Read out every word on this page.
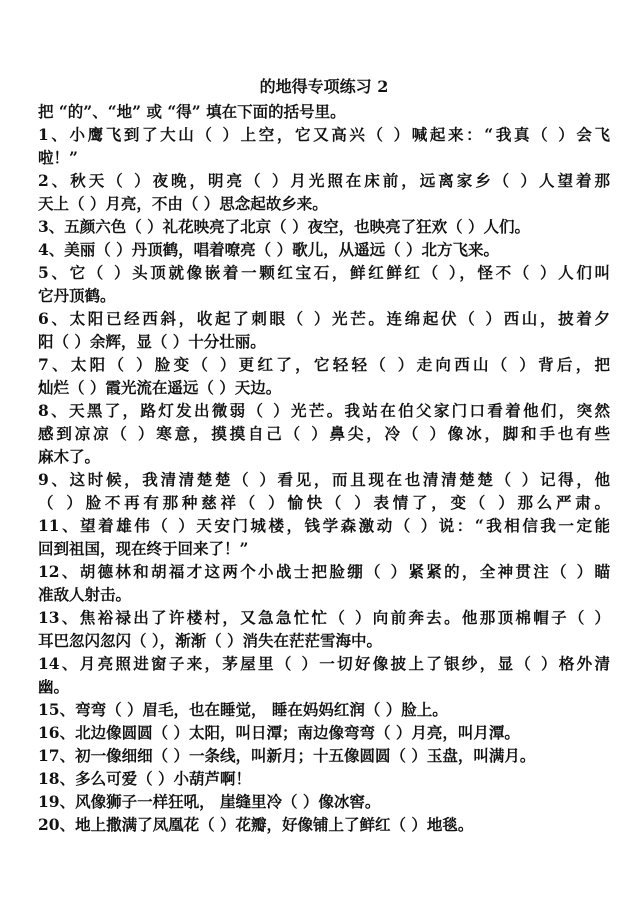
的地得专项练习 2
把 “的”、“地” 或 “得” 填在下面的括号里。
1、小鹰飞到了大山（ ）上空，它又高兴（ ）喊起来：“我真（ ）会飞
啦！”
2、秋天（ ）夜晚，明亮（ ）月光照在床前，远离家乡（ ）人望着那
天上（ ）月亮，不由（ ）思念起故乡来。
3、五颜六色（ ）礼花映亮了北京（ ）夜空，也映亮了狂欢（ ）人们。
4、美丽（ ）丹顶鹤，唱着嘹亮（ ）歌儿，从遥远（ ）北方飞来。
5、它（ ）头顶就像嵌着一颗红宝石，鲜红鲜红（ ），怪不（ ）人们叫
它丹顶鹤。
6、太阳已经西斜，收起了刺眼（ ）光芒。连绵起伏（ ）西山，披着夕
阳（ ）余辉，显（ ）十分壮丽。
7、太阳（ ）脸变（ ）更红了，它轻轻（ ）走向西山（ ）背后，把
灿烂（ ）霞光流在遥远（ ）天边。
8、天黑了，路灯发出微弱（ ）光芒。我站在伯父家门口看着他们，突然
感到凉凉（ ）寒意，摸摸自己（ ）鼻尖，冷（ ）像冰，脚和手也有些
麻木了。
9、这时候，我清清楚楚（ ）看见，而且现在也清清楚楚（ ）记得，他
（ ）脸不再有那种慈祥（ ）愉快（ ）表情了，变（ ）那么严肃。
11、望着雄伟（ ）天安门城楼，钱学森激动（ ）说：“我相信我一定能
回到祖国，现在终于回来了！”
12、胡德林和胡福才这两个小战士把脸绷（ ）紧紧的，全神贯注（ ）瞄
准敌人射击。
13、焦裕禄出了许楼村，又急急忙忙（ ）向前奔去。他那顶棉帽子（ ）
耳巴忽闪忽闪（ ），渐渐（ ）消失在茫茫雪海中。
14、月亮照进窗子来，茅屋里（ ）一切好像披上了银纱，显（ ）格外清
幽。
15、弯弯（ ）眉毛，也在睡觉， 睡在妈妈红润（ ）脸上。
16、北边像圆圆（ ）太阳，叫日潭；南边像弯弯（ ）月亮，叫月潭。
17、初一像细细（ ）一条线，叫新月；十五像圆圆（ ）玉盘，叫满月。
18、多么可爱（ ）小葫芦啊！
19、风像狮子一样狂吼， 崖缝里冷（ ）像冰窖。
20、地上撒满了凤凰花（ ）花瓣，好像铺上了鲜红（ ）地毯。
